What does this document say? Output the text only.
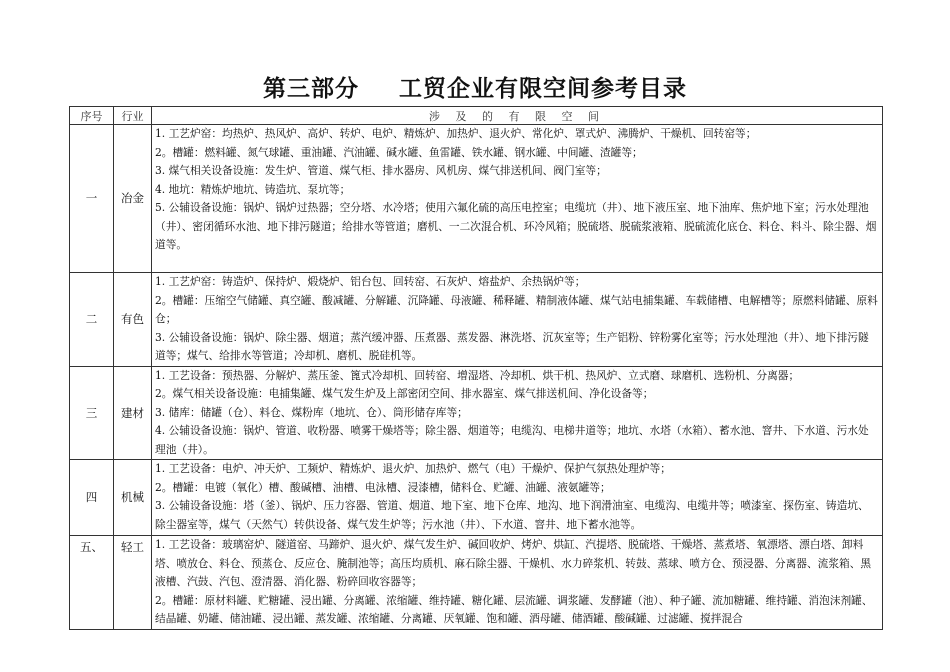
第三部分 工贸企业有限空间参考目录
序号	行业	涉 及 的 有 限 空 间
一	冶金	1. 工艺炉窑：均热炉、热风炉、高炉、转炉、电炉、精炼炉、加热炉、退火炉、常化炉、罩式炉、沸腾炉、干燥机、回转窑等；
2。槽罐：燃料罐、氮气球罐、重油罐、汽油罐、碱水罐、鱼雷罐、铁水罐、钢水罐、中间罐、渣罐等；
3. 煤气相关设备设施：发生炉、管道、煤气柜、排水器房、风机房、煤气排送机间、阀门室等；
4. 地坑：精炼炉地坑、铸造坑、泵坑等；
5. 公辅设备设施：锅炉、锅炉过热器；空分塔、水冷塔；使用六氟化硫的高压电控室；电缆坑（井）、地下液压室、地下油库、焦炉地下室；污水处理池（井）、密闭循环水池、地下排污隧道；给排水等管道；磨机、一二次混合机、环冷风箱；脱硫塔、脱硫浆液箱、脱硫流化底仓、料仓、料斗、除尘器、烟道等。

二	有色	1. 工艺炉窑：铸造炉、保持炉、煅烧炉、铝台包、回转窑、石灰炉、熔盐炉、余热锅炉等；
2。槽罐：压缩空气储罐、真空罐、酸减罐、分解罐、沉降罐、母液罐、稀释罐、精制液体罐、煤气站电捕集罐、车载储槽、电解槽等；原燃料储罐、原料仓；
3. 公辅设备设施：锅炉、除尘器、烟道；蒸汽缓冲器、压煮器、蒸发器、淋洗塔、沉灰室等；生产铝粉、锌粉雾化室等；污水处理池（井）、地下排污隧道等；煤气、给排水等管道；冷却机、磨机、脱硅机等。

三	建材	1. 工艺设备：预热器、分解炉、蒸压釜、篦式冷却机、回转窑、增湿塔、冷却机、烘干机、热风炉、立式磨、球磨机、选粉机、分离器；
2。煤气相关设备设施：电捕集罐、煤气发生炉及上部密闭空间、排水器室、煤气排送机间、净化设备等；
3. 储库：储罐（仓）、料仓、煤粉库（地坑、仓）、筒形储存库等；
4. 公辅设备设施：锅炉、管道、收粉器、喷雾干燥塔等；除尘器、烟道等；电缆沟、电梯井道等；地坑、水塔（水箱）、蓄水池、窨井、下水道、污水处理池（井）。

四	机械	1. 工艺设备：电炉、冲天炉、工频炉、精炼炉、退火炉、加热炉、燃气（电）干燥炉、保护气氛热处理炉等；
2。槽罐：电镀（氧化）槽、酸碱槽、油槽、电泳槽、浸漆槽，储料仓、贮罐、油罐、液氨罐等；
3. 公辅设备设施：塔（釜）、锅炉、压力容器、管道、烟道、地下室、地下仓库、地沟、地下润滑油室、电缆沟、电缆井等；喷漆室、探伤室、铸造坑、除尘器室等，煤气（天然气）转供设备、煤气发生炉等；污水池（井）、下水道、窨井、地下蓄水池等。

五、	轻工	1. 工艺设备：玻璃窑炉、隧道窑、马蹄炉、退火炉、煤气发生炉、碱回收炉、烤炉、烘缸、汽提塔、脱硫塔、干燥塔、蒸煮塔、氧漂塔、漂白塔、卸料塔、喷放仓、料仓、预蒸仓、反应仓、腌制池等；高压均质机、麻石除尘器、干燥机、水力碎浆机、转鼓、蒸球、喷方仓、预浸器、分离器、流浆箱、黑液槽、汽鼓、汽包、澄清器、消化器、粉碎回收容器等；
2。槽罐：原材料罐、贮糖罐、浸出罐、分离罐、浓缩罐、维持罐、糖化罐、层流罐、调浆罐、发酵罐（池）、种子罐、流加糖罐、维持罐、消泡沫剂罐、结晶罐、奶罐、储油罐、浸出罐、蒸发罐、浓缩罐、分离罐、厌氧罐、饱和罐、酒母罐、储酒罐、酸碱罐、过滤罐、搅拌混合
